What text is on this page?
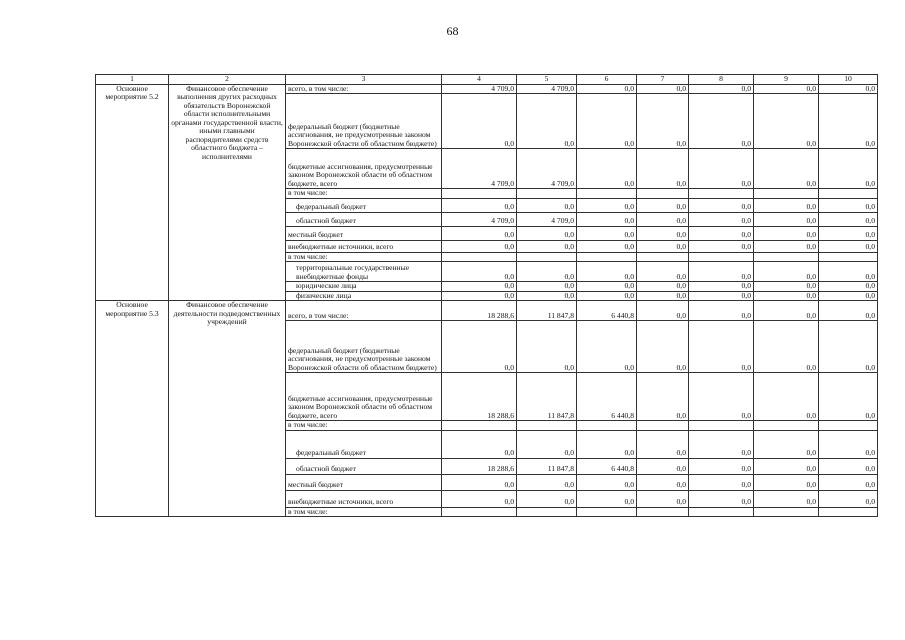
68
1	2	3	4	5	6	7	8	9	10
Основное мероприятие 5.2	Финансовое обеспечение выполнения других расходных обязательств Воронежской области исполнительными органами государственной власти, иными главными распорядителями средств областного бюджета – исполнителями	всего, в том числе:	4 709,0	4 709,0	0,0	0,0	0,0	0,0	0,0
		федеральный бюджет (бюджетные ассигнования, не предусмотренные законом Воронежской области об областном бюджете)	0,0	0,0	0,0	0,0	0,0	0,0	0,0
		бюджетные ассигнования, предусмотренные законом Воронежской области об областном бюджете, всего	4 709,0	4 709,0	0,0	0,0	0,0	0,0	0,0
		в том числе:							
		федеральный бюджет	0,0	0,0	0,0	0,0	0,0	0,0	0,0
		областной бюджет	4 709,0	4 709,0	0,0	0,0	0,0	0,0	0,0
		местный бюджет	0,0	0,0	0,0	0,0	0,0	0,0	0,0
		внебюджетные источники, всего	0,0	0,0	0,0	0,0	0,0	0,0	0,0
		в том числе:							
		территориальные государственные внебюджетные фонды	0,0	0,0	0,0	0,0	0,0	0,0	0,0
		юридические лица	0,0	0,0	0,0	0,0	0,0	0,0	0,0
		физические лица	0,0	0,0	0,0	0,0	0,0	0,0	0,0
Основное мероприятие 5.3	Финансовое обеспечение деятельности подведомственных учреждений	всего, в том числе:	18 288,6	11 847,8	6 440,8	0,0	0,0	0,0	0,0
		федеральный бюджет (бюджетные ассигнования, не предусмотренные законом Воронежской области об областном бюджете)	0,0	0,0	0,0	0,0	0,0	0,0	0,0
		бюджетные ассигнования, предусмотренные законом Воронежской области об областном бюджете, всего	18 288,6	11 847,8	6 440,8	0,0	0,0	0,0	0,0
		в том числе:							
		федеральный бюджет	0,0	0,0	0,0	0,0	0,0	0,0	0,0
		областной бюджет	18 288,6	11 847,8	6 440,8	0,0	0,0	0,0	0,0
		местный бюджет	0,0	0,0	0,0	0,0	0,0	0,0	0,0
		внебюджетные источники, всего	0,0	0,0	0,0	0,0	0,0	0,0	0,0
		в том числе:							
